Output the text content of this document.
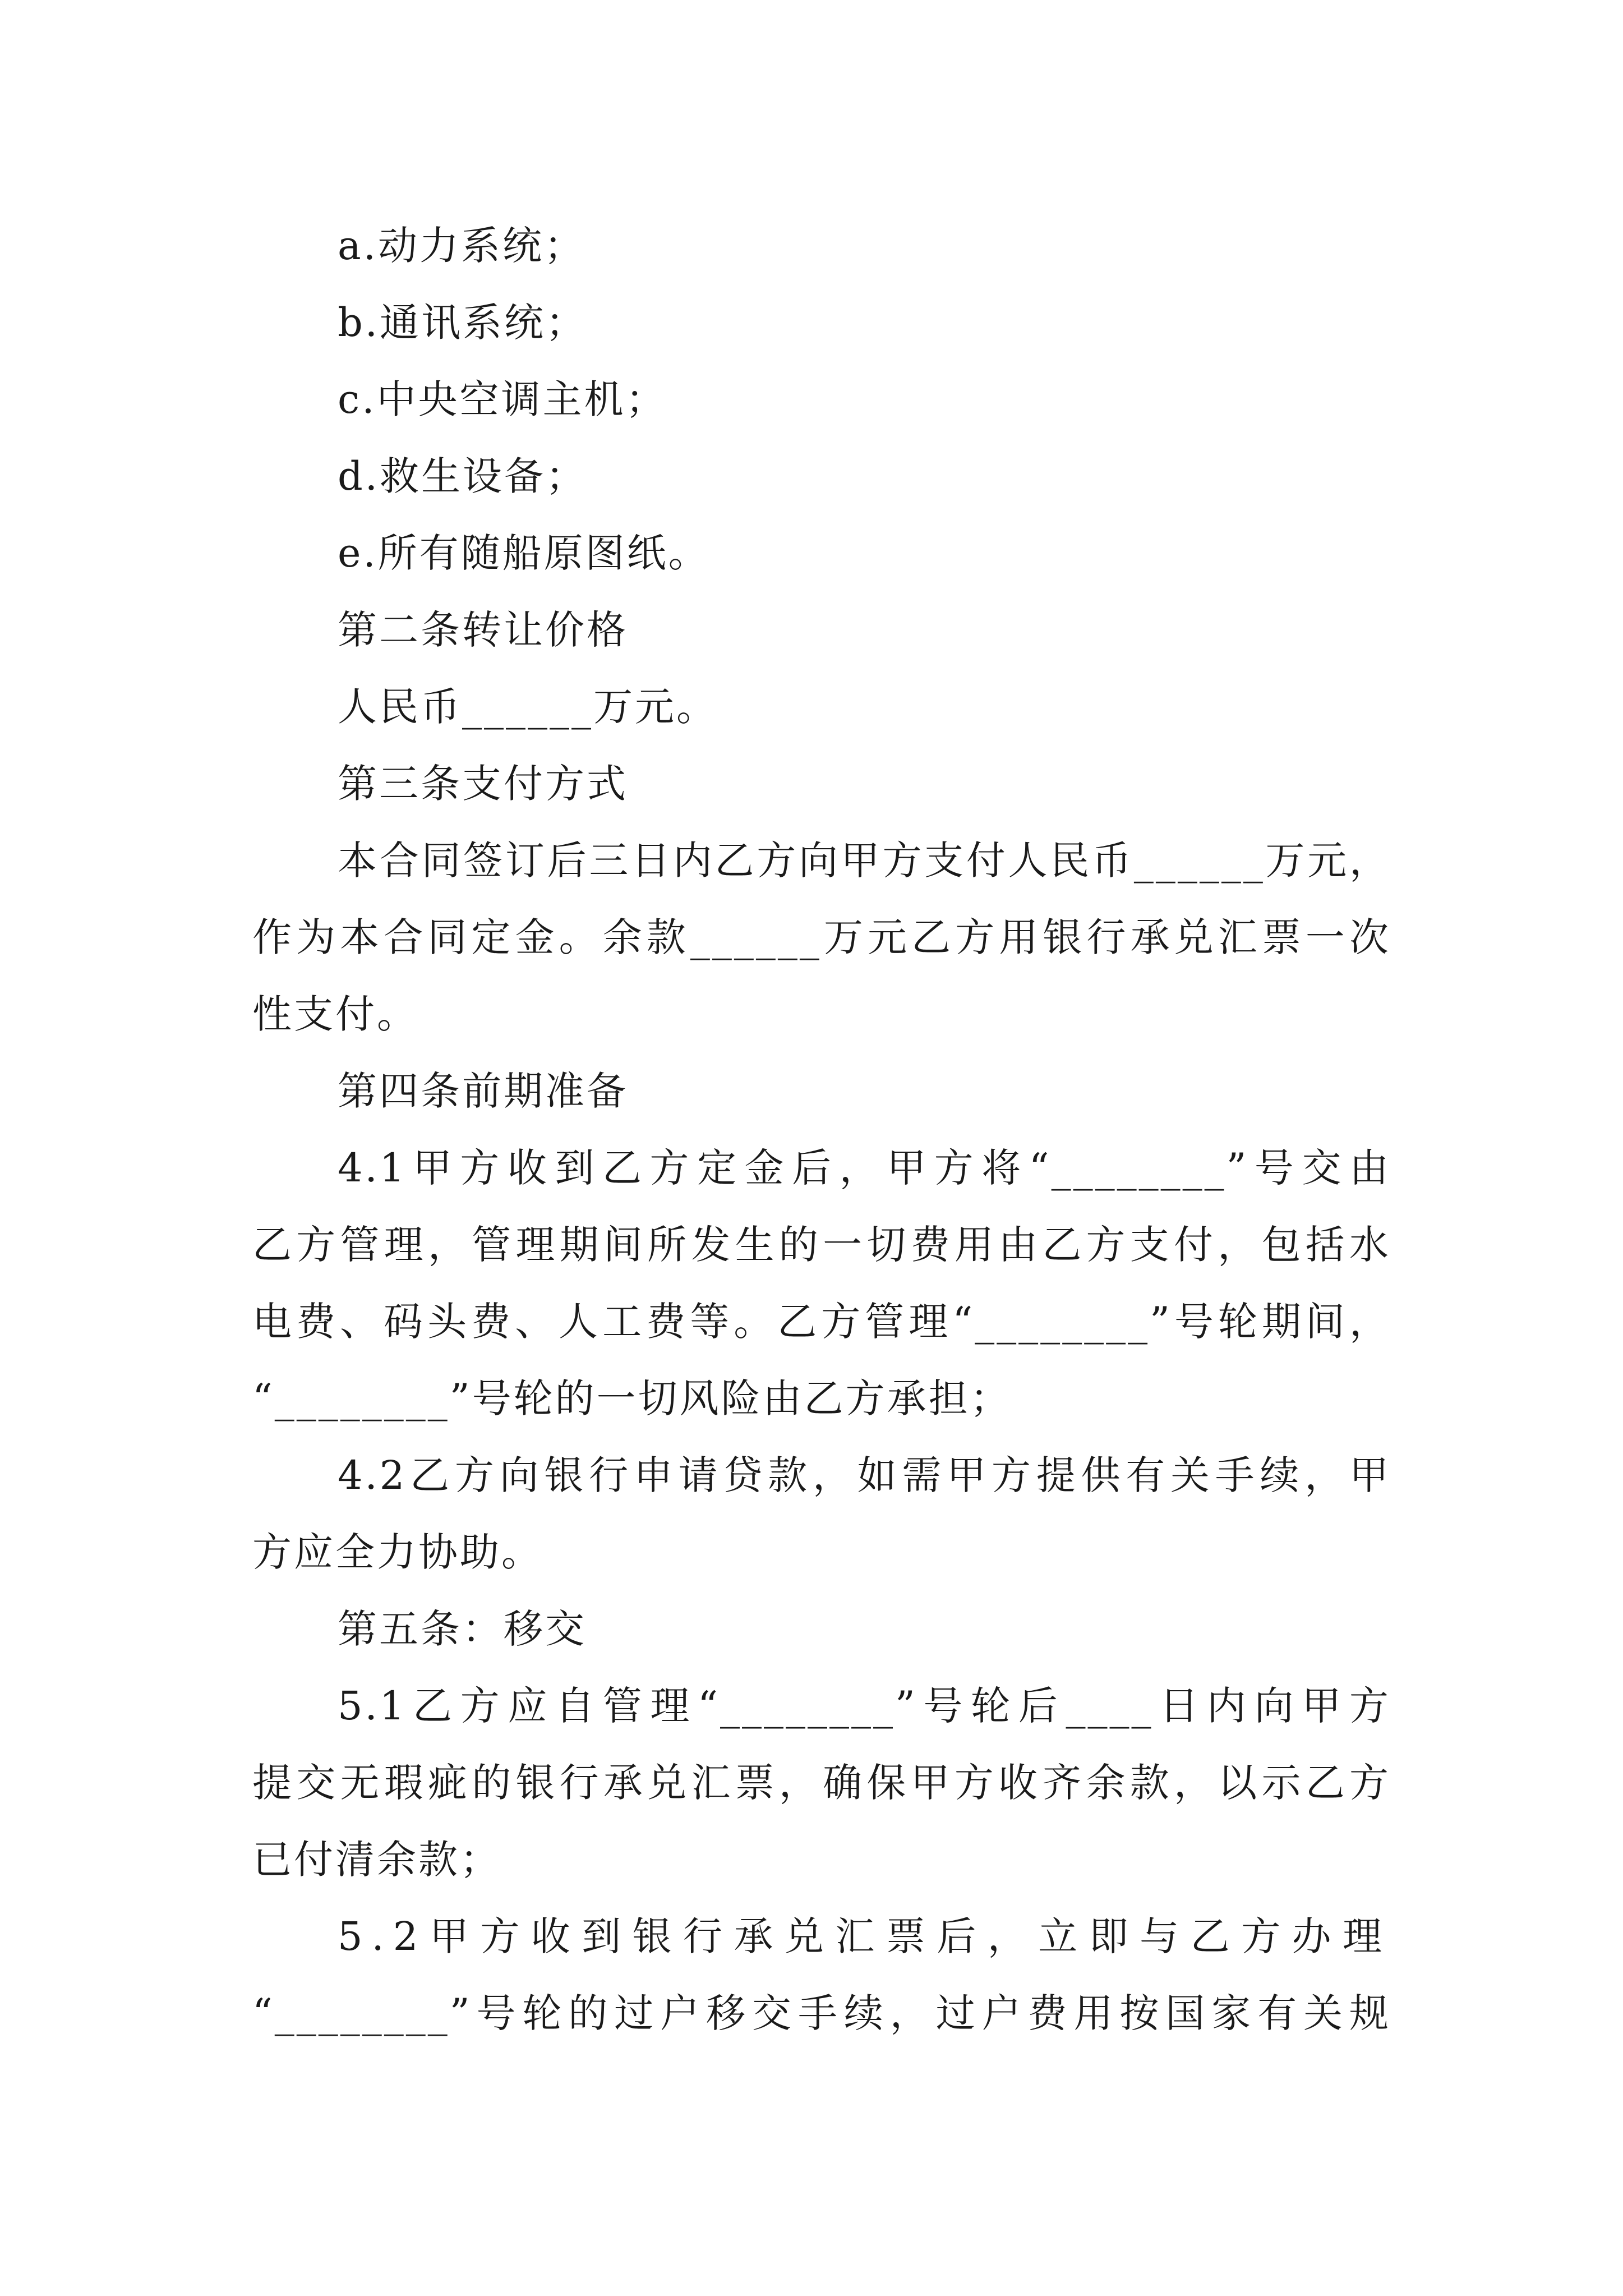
a.动力系统；
b.通讯系统；
c.中央空调主机；
d.救生设备；
e.所有随船原图纸。
第二条转让价格
人民币______万元。
第三条支付方式
本合同签订后三日内乙方向甲方支付人民币______万元，
作为本合同定金。余款______万元乙方用银行承兑汇票一次
性支付。
第四条前期准备
4.1甲方收到乙方定金后，甲方将“________”号交由
乙方管理，管理期间所发生的一切费用由乙方支付，包括水
电费、码头费、人工费等。乙方管理“________”号轮期间，
“________”号轮的一切风险由乙方承担；
4.2乙方向银行申请贷款，如需甲方提供有关手续，甲
方应全力协助。
第五条：移交
5.1乙方应自管理“________”号轮后____日内向甲方
提交无瑕疵的银行承兑汇票，确保甲方收齐余款，以示乙方
已付清余款；
5.2甲方收到银行承兑汇票后，立即与乙方办理
“________”号轮的过户移交手续，过户费用按国家有关规
